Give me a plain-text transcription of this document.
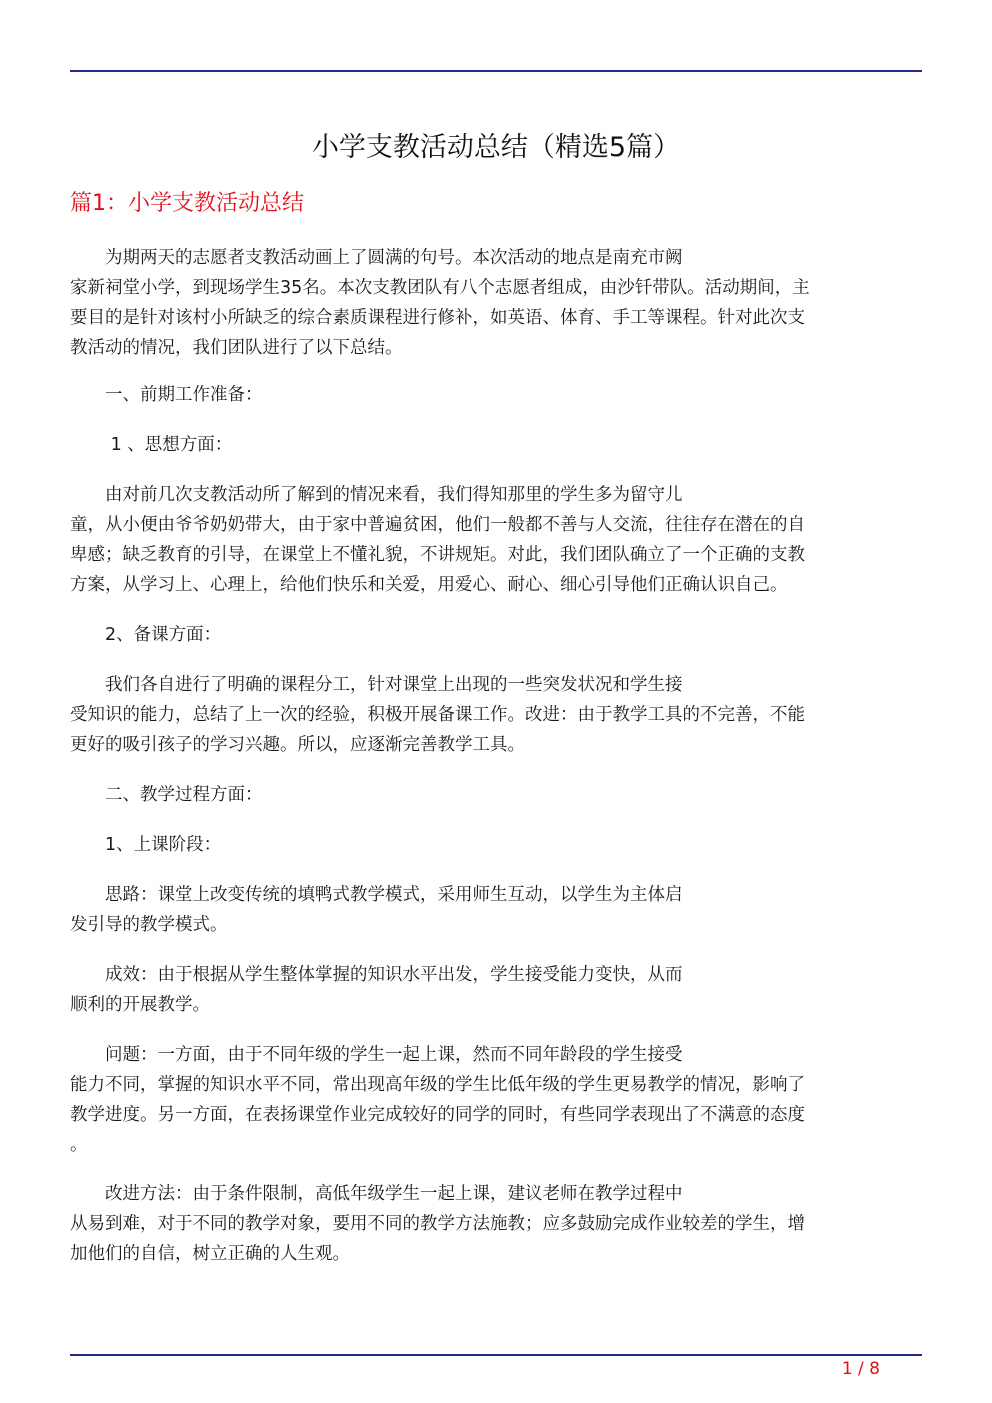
小学支教活动总结（精选5篇）
篇1：小学支教活动总结
　　为期两天的志愿者支教活动画上了圆满的句号。本次活动的地点是南充市阙
家新祠堂小学，到现场学生35名。本次支教团队有八个志愿者组成，由沙钎带队。活动期间，主
要目的是针对该村小所缺乏的综合素质课程进行修补，如英语、体育、手工等课程。针对此次支
教活动的情况，我们团队进行了以下总结。
　　一、前期工作准备：
　　 1 、思想方面：
　　由对前几次支教活动所了解到的情况来看，我们得知那里的学生多为留守儿
童，从小便由爷爷奶奶带大，由于家中普遍贫困，他们一般都不善与人交流，往往存在潜在的自
卑感；缺乏教育的引导，在课堂上不懂礼貌，不讲规矩。对此，我们团队确立了一个正确的支教
方案，从学习上、心理上，给他们快乐和关爱，用爱心、耐心、细心引导他们正确认识自己。
　　2、备课方面：
　　我们各自进行了明确的课程分工，针对课堂上出现的一些突发状况和学生接
受知识的能力，总结了上一次的经验，积极开展备课工作。改进：由于教学工具的不完善，不能
更好的吸引孩子的学习兴趣。所以，应逐渐完善教学工具。
　　二、教学过程方面：
　　1、上课阶段：
　　思路：课堂上改变传统的填鸭式教学模式，采用师生互动，以学生为主体启
发引导的教学模式。
　　成效：由于根据从学生整体掌握的知识水平出发，学生接受能力变快，从而
顺利的开展教学。
　　问题：一方面，由于不同年级的学生一起上课，然而不同年龄段的学生接受
能力不同，掌握的知识水平不同，常出现高年级的学生比低年级的学生更易教学的情况，影响了
教学进度。另一方面，在表扬课堂作业完成较好的同学的同时，有些同学表现出了不满意的态度
。
　　改进方法：由于条件限制，高低年级学生一起上课，建议老师在教学过程中
从易到难，对于不同的教学对象，要用不同的教学方法施教；应多鼓励完成作业较差的学生，增
加他们的自信，树立正确的人生观。
1 / 8
